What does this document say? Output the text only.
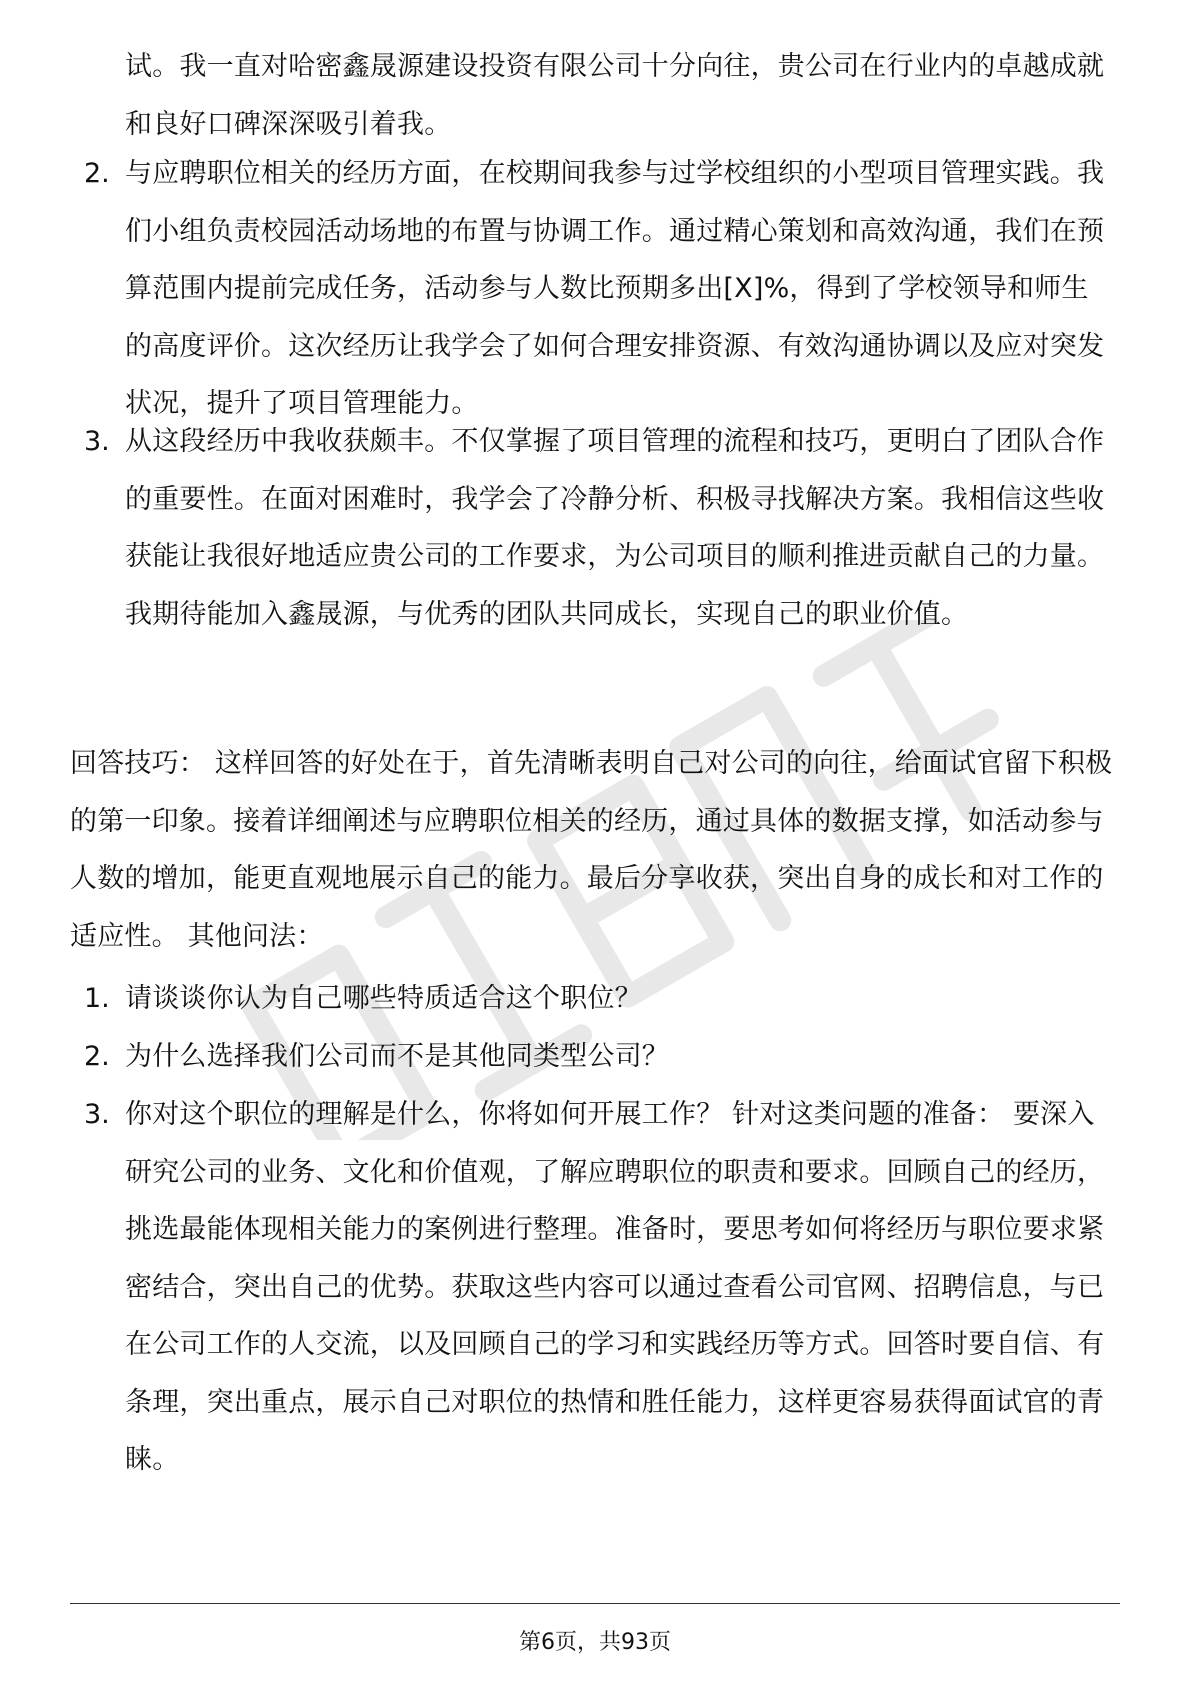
试。我一直对哈密鑫晟源建设投资有限公司十分向往，贵公司在行业内的卓越成就和良好口碑深深吸引着我。

2. 与应聘职位相关的经历方面，在校期间我参与过学校组织的小型项目管理实践。我们小组负责校园活动场地的布置与协调工作。通过精心策划和高效沟通，我们在预算范围内提前完成任务，活动参与人数比预期多出[X]%，得到了学校领导和师生的高度评价。这次经历让我学会了如何合理安排资源、有效沟通协调以及应对突发状况，提升了项目管理能力。

3. 从这段经历中我收获颇丰。不仅掌握了项目管理的流程和技巧，更明白了团队合作的重要性。在面对困难时，我学会了冷静分析、积极寻找解决方案。我相信这些收获能让我很好地适应贵公司的工作要求，为公司项目的顺利推进贡献自己的力量。我期待能加入鑫晟源，与优秀的团队共同成长，实现自己的职业价值。

回答技巧： 这样回答的好处在于，首先清晰表明自己对公司的向往，给面试官留下积极的第一印象。接着详细阐述与应聘职位相关的经历，通过具体的数据支撑，如活动参与人数的增加，能更直观地展示自己的能力。最后分享收获，突出自身的成长和对工作的适应性。 其他问法：

1. 请谈谈你认为自己哪些特质适合这个职位？

2. 为什么选择我们公司而不是其他同类型公司？

3. 你对这个职位的理解是什么，你将如何开展工作？ 针对这类问题的准备： 要深入研究公司的业务、文化和价值观，了解应聘职位的职责和要求。回顾自己的经历，挑选最能体现相关能力的案例进行整理。准备时，要思考如何将经历与职位要求紧密结合，突出自己的优势。获取这些内容可以通过查看公司官网、招聘信息，与已在公司工作的人交流，以及回顾自己的学习和实践经历等方式。回答时要自信、有条理，突出重点，展示自己对职位的热情和胜任能力，这样更容易获得面试官的青睐。

第6页，共93页
